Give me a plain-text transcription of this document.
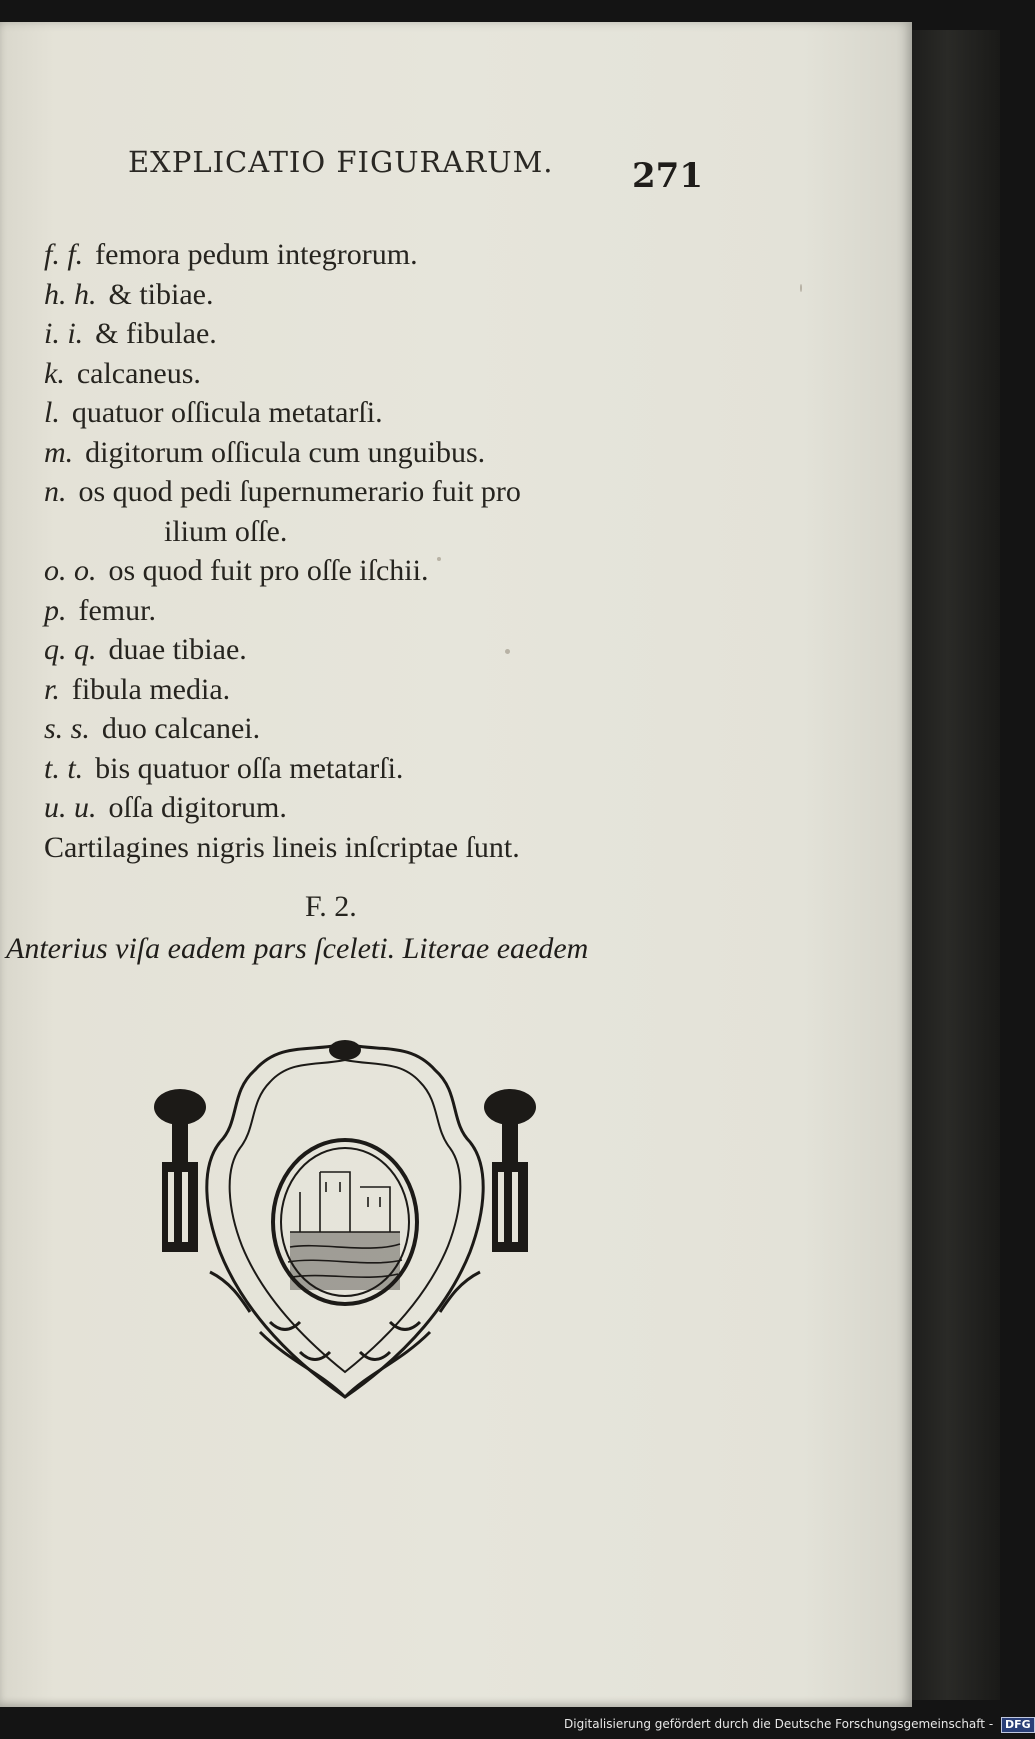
EXPLICATIO FIGURARUM. 271
f. f. femora pedum integrorum.
h. h. & tibiae.
i. i. & fibulae.
k. calcaneus.
l. quatuor oſſicula metatarſi.
m. digitorum oſſicula cum unguibus.
n. os quod pedi ſupernumerario fuit pro
ilium oſſe.
o. o. os quod fuit pro oſſe iſchii.
p. femur.
q. q. duae tibiae.
r. fibula media.
s. s. duo calcanei.
t. t. bis quatuor oſſa metatarſi.
u. u. oſſa digitorum.
Cartilagines nigris lineis inſcriptae ſunt.
F. 2.
Anterius viſa eadem pars ſceleti. Literae eaedem
Digitalisierung gefördert durch die Deutsche Forschungsgemeinschaft - DFG
